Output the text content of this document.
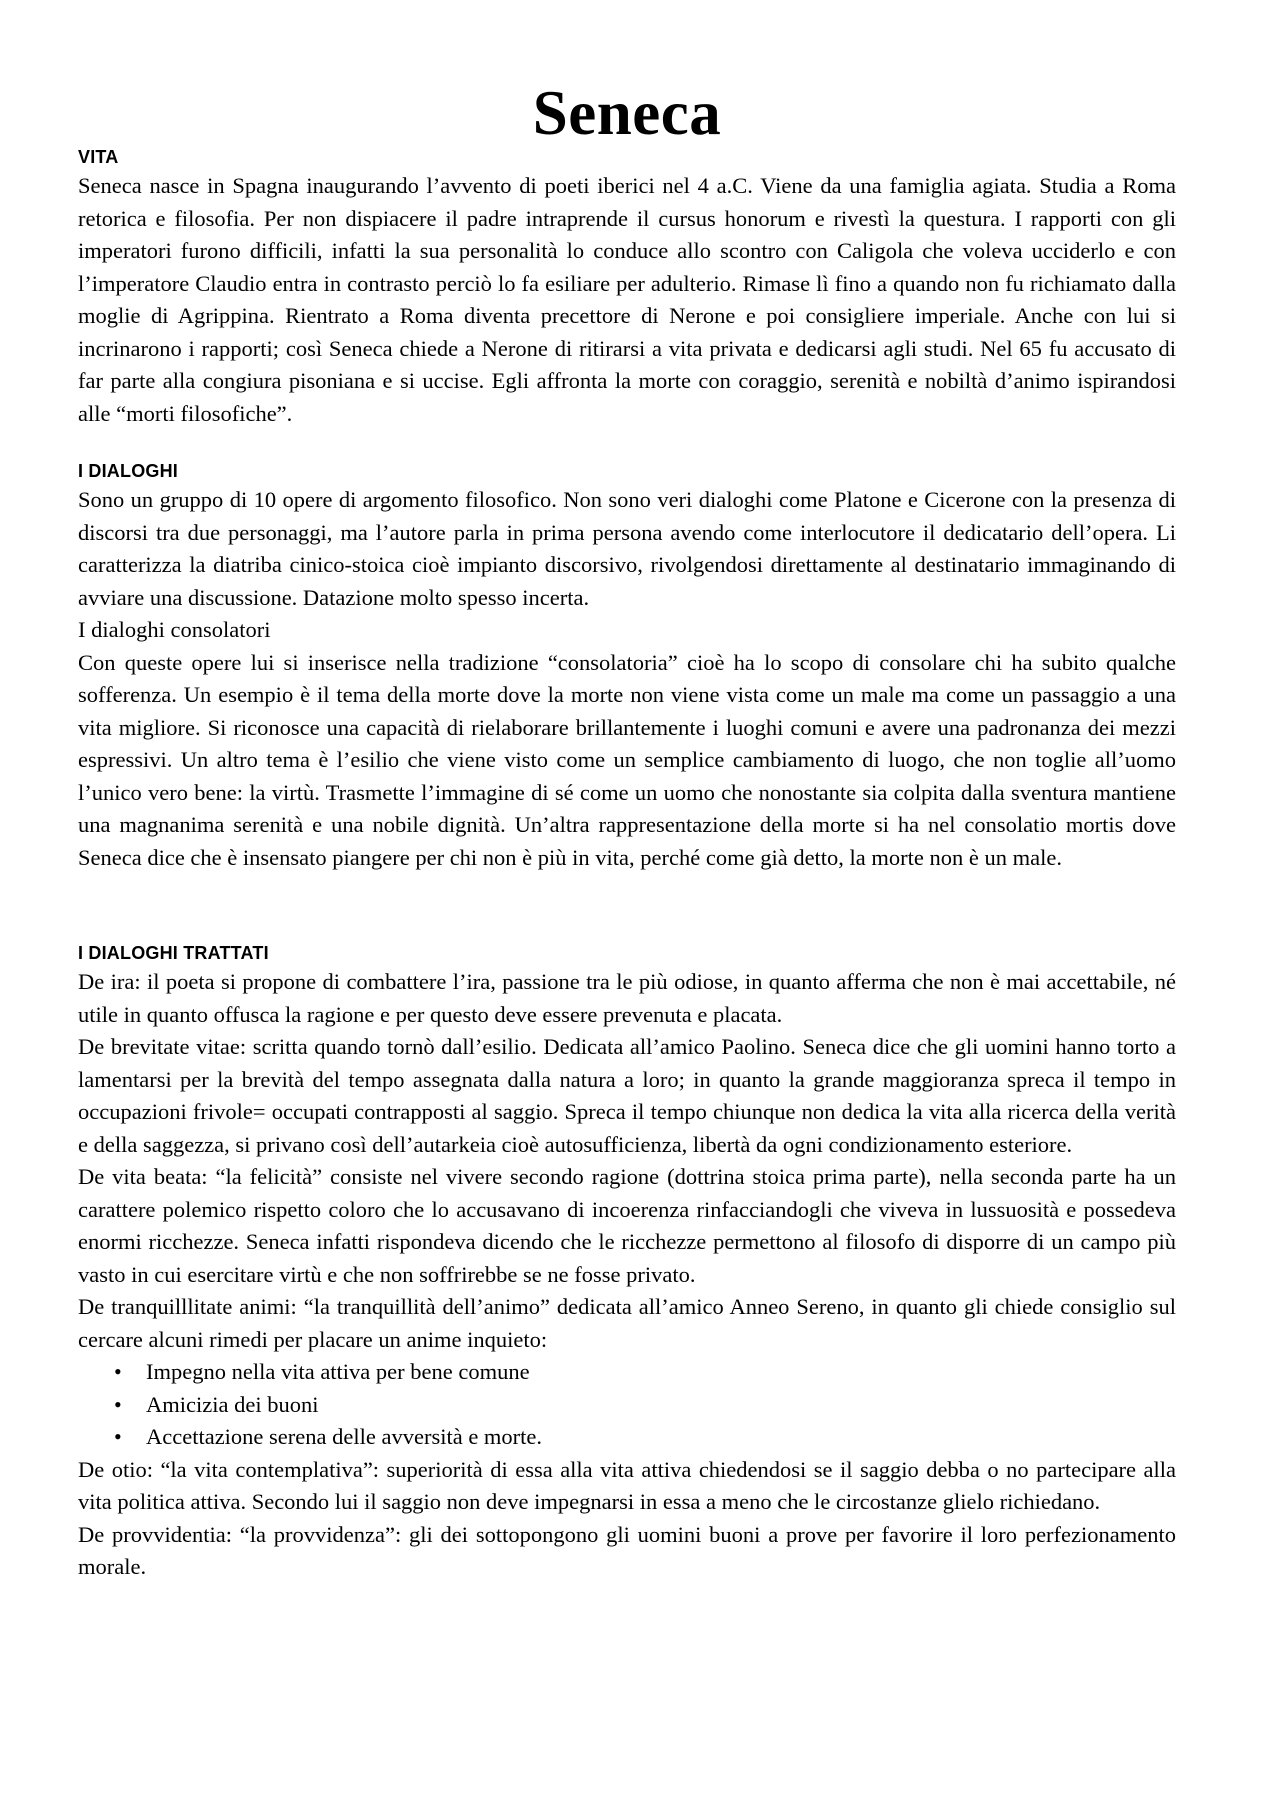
Seneca
VITA

Seneca nasce in Spagna inaugurando l’avvento di poeti iberici nel 4 a.C. Viene da una famiglia agiata. Studia a Roma retorica e filosofia. Per non dispiacere il padre intraprende il cursus honorum e rivestì la questura. I rapporti con gli imperatori furono difficili, infatti la sua personalità lo conduce allo scontro con Caligola che voleva ucciderlo e con l’imperatore Claudio entra in contrasto perciò lo fa esiliare per adulterio. Rimase lì fino a quando non fu richiamato dalla moglie di Agrippina. Rientrato a Roma diventa precettore di Nerone e poi consigliere imperiale. Anche con lui si incrinarono i rapporti; così Seneca chiede a Nerone di ritirarsi a vita privata e dedicarsi agli studi. Nel 65 fu accusato di far parte alla congiura pisoniana e si uccise. Egli affronta la morte con coraggio, serenità e nobiltà d’animo ispirandosi alle “morti filosofiche”.

I DIALOGHI

Sono un gruppo di 10 opere di argomento filosofico. Non sono veri dialoghi come Platone e Cicerone con la presenza di discorsi tra due personaggi, ma l’autore parla in prima persona avendo come interlocutore il dedicatario dell’opera. Li caratterizza la diatriba cinico-stoica cioè impianto discorsivo, rivolgendosi direttamente al destinatario immaginando di avviare una discussione. Datazione molto spesso incerta.

I dialoghi consolatori

Con queste opere lui si inserisce nella tradizione “consolatoria” cioè ha lo scopo di consolare chi ha subito qualche sofferenza. Un esempio è il tema della morte dove la morte non viene vista come un male ma come un passaggio a una vita migliore. Si riconosce una capacità di rielaborare brillantemente i luoghi comuni e avere una padronanza dei mezzi espressivi. Un altro tema è l’esilio che viene visto come un semplice cambiamento di luogo, che non toglie all’uomo l’unico vero bene: la virtù. Trasmette l’immagine di sé come un uomo che nonostante sia colpita dalla sventura mantiene una magnanima serenità e una nobile dignità. Un’altra rappresentazione della morte si ha nel consolatio mortis dove Seneca dice che è insensato piangere per chi non è più in vita, perché come già detto, la morte non è un male.

I DIALOGHI TRATTATI

De ira: il poeta si propone di combattere l’ira, passione tra le più odiose, in quanto afferma che non è mai accettabile, né utile in quanto offusca la ragione e per questo deve essere prevenuta e placata.

De brevitate vitae: scritta quando tornò dall’esilio. Dedicata all’amico Paolino. Seneca dice che gli uomini hanno torto a lamentarsi per la brevità del tempo assegnata dalla natura a loro; in quanto la grande maggioranza spreca il tempo in occupazioni frivole= occupati contrapposti al saggio. Spreca il tempo chiunque non dedica la vita alla ricerca della verità e della saggezza, si privano così dell’autarkeia cioè autosufficienza, libertà da ogni condizionamento esteriore.

De vita beata: “la felicità” consiste nel vivere secondo ragione (dottrina stoica prima parte), nella seconda parte ha un carattere polemico rispetto coloro che lo accusavano di incoerenza rinfacciandogli che viveva in lussuosità e possedeva enormi ricchezze. Seneca infatti rispondeva dicendo che le ricchezze permettono al filosofo di disporre di un campo più vasto in cui esercitare virtù e che non soffrirebbe se ne fosse privato.

De tranquilllitate animi: “la tranquillità dell’animo” dedicata all’amico Anneo Sereno, in quanto gli chiede consiglio sul cercare alcuni rimedi per placare un anime inquieto:

• Impegno nella vita attiva per bene comune
• Amicizia dei buoni
• Accettazione serena delle avversità e morte.

De otio: “la vita contemplativa”: superiorità di essa alla vita attiva chiedendosi se il saggio debba o no partecipare alla vita politica attiva. Secondo lui il saggio non deve impegnarsi in essa a meno che le circostanze glielo richiedano.

De provvidentia: “la provvidenza”: gli dei sottopongono gli uomini buoni a prove per favorire il loro perfezionamento morale.
